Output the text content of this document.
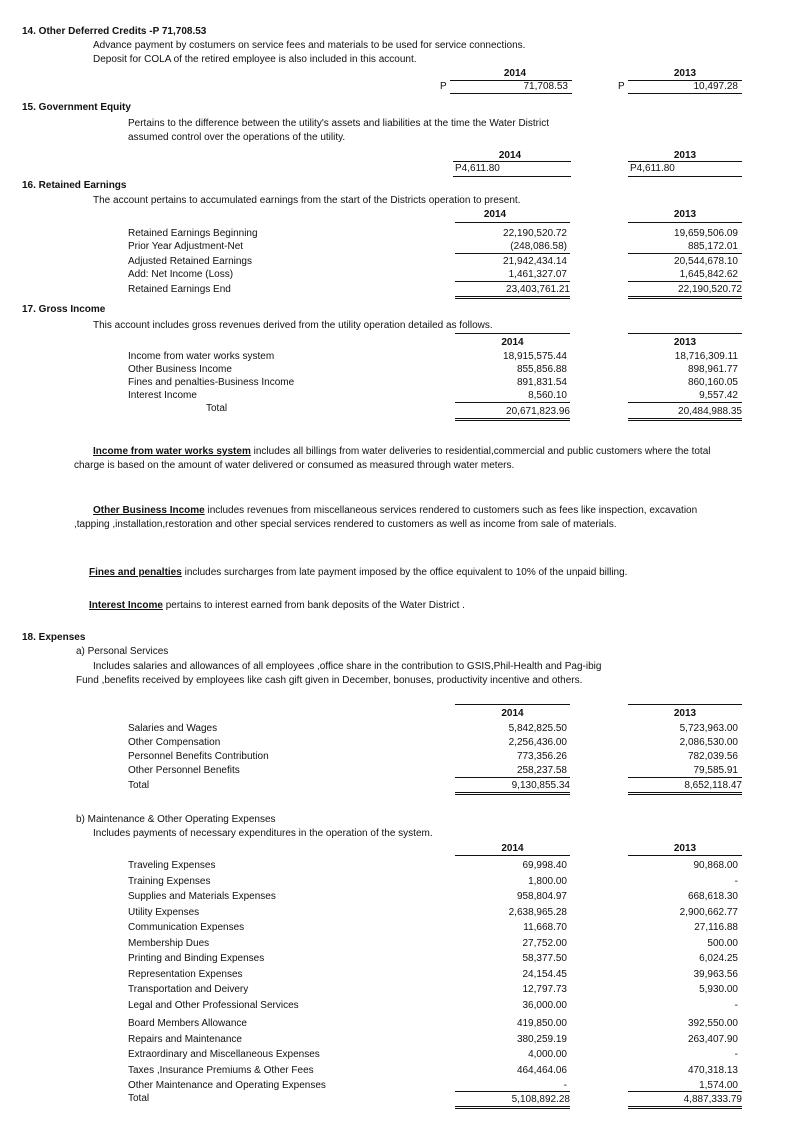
14. Other Deferred Credits -P 71,708.53
Advance payment by costumers on service fees and materials to be used for service connections.
Deposit for COLA of the retired employee is also included in this account.
2014	2013
P	71,708.53	P	10,497.28
15. Government Equity
Pertains to the difference between the utility's assets and liabilities at the time the Water District
assumed control over the operations of the utility.
2014	2013
P4,611.80	P4,611.80
16. Retained Earnings
The account pertains to accumulated earnings from the start of the Districts operation to present.
2014	2013
Retained Earnings Beginning	22,190,520.72	19,659,506.09
Prior Year Adjustment-Net	(248,086.58)	885,172.01
Adjusted Retained Earnings	21,942,434.14	20,544,678.10
Add: Net Income (Loss)	1,461,327.07	1,645,842.62
Retained Earnings End	23,403,761.21	22,190,520.72
17. Gross Income
This account includes gross revenues derived from the utility operation detailed as follows.
2014	2013
Income from water works system	18,915,575.44	18,716,309.11
Other Business Income	855,856.88	898,961.77
Fines and penalties-Business Income	891,831.54	860,160.05
Interest Income	8,560.10	9,557.42
Total	20,671,823.96	20,484,988.35
Income from water works system includes all billings from water deliveries to residential,commercial and public customers where the total charge is based on the amount of water delivered or consumed as measured through water meters.
Other Business Income includes revenues from miscellaneous services rendered to customers such as fees like inspection, excavation ,tapping ,installation,restoration and other special services rendered to customers as well as income from sale of materials.
Fines and penalties includes surcharges from late payment imposed by the office equivalent to 10% of the unpaid billing.
Interest Income pertains to interest earned from bank deposits of the Water District .
18. Expenses
a) Personal Services
Includes salaries and allowances of all employees ,office share in the contribution to GSIS,Phil-Health and Pag-ibig
Fund ,benefits received by employees like cash gift given in December, bonuses, productivity incentive and others.
2014	2013
Salaries and Wages	5,842,825.50	5,723,963.00
Other Compensation	2,256,436.00	2,086,530.00
Personnel Benefits Contribution	773,356.26	782,039.56
Other Personnel Benefits	258,237.58	79,585.91
Total	9,130,855.34	8,652,118.47
b) Maintenance & Other Operating Expenses
Includes payments of necessary expenditures in the operation of the system.
2014	2013
Traveling Expenses	69,998.40	90,868.00
Training Expenses	1,800.00	-
Supplies and Materials Expenses	958,804.97	668,618.30
Utility Expenses	2,638,965.28	2,900,662.77
Communication Expenses	11,668.70	27,116.88
Membership Dues	27,752.00	500.00
Printing and Binding Expenses	58,377.50	6,024.25
Representation Expenses	24,154.45	39,963.56
Transportation and Deivery	12,797.73	5,930.00
Legal and Other Professional Services	36,000.00	-
Board Members Allowance	419,850.00	392,550.00
Repairs and Maintenance	380,259.19	263,407.90
Extraordinary and Miscellaneous Expenses	4,000.00	-
Taxes ,Insurance Premiums & Other Fees	464,464.06	470,318.13
Other Maintenance and Operating Expenses	-	1,574.00
Total	5,108,892.28	4,887,333.79
